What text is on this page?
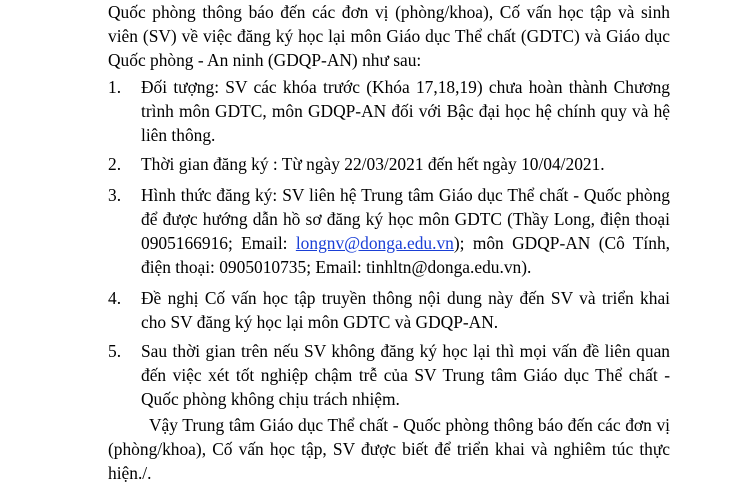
Quốc phòng thông báo đến các đơn vị (phòng/khoa), Cố vấn học tập và sinh
viên (SV) về việc đăng ký học lại môn Giáo dục Thể chất (GDTC) và Giáo dục
Quốc phòng - An ninh (GDQP-AN) như sau:
1. Đối tượng: SV các khóa trước (Khóa 17,18,19) chưa hoàn thành Chương
trình môn GDTC, môn GDQP-AN đối với Bậc đại học hệ chính quy và hệ
liên thông.
2. Thời gian đăng ký : Từ ngày 22/03/2021 đến hết ngày 10/04/2021.
3. Hình thức đăng ký: SV liên hệ Trung tâm Giáo dục Thể chất - Quốc phòng
để được hướng dẫn hồ sơ đăng ký học môn GDTC (Thầy Long, điện thoại
0905166916; Email: longnv@donga.edu.vn); môn GDQP-AN (Cô Tính,
điện thoại: 0905010735; Email: tinhltn@donga.edu.vn).
4. Đề nghị Cố vấn học tập truyền thông nội dung này đến SV và triển khai
cho SV đăng ký học lại môn GDTC và GDQP-AN.
5. Sau thời gian trên nếu SV không đăng ký học lại thì mọi vấn đề liên quan
đến việc xét tốt nghiệp chậm trễ của SV Trung tâm Giáo dục Thể chất -
Quốc phòng không chịu trách nhiệm.
Vậy Trung tâm Giáo dục Thể chất - Quốc phòng thông báo đến các đơn vị
(phòng/khoa), Cố vấn học tập, SV được biết để triển khai và nghiêm túc thực
hiện./.
